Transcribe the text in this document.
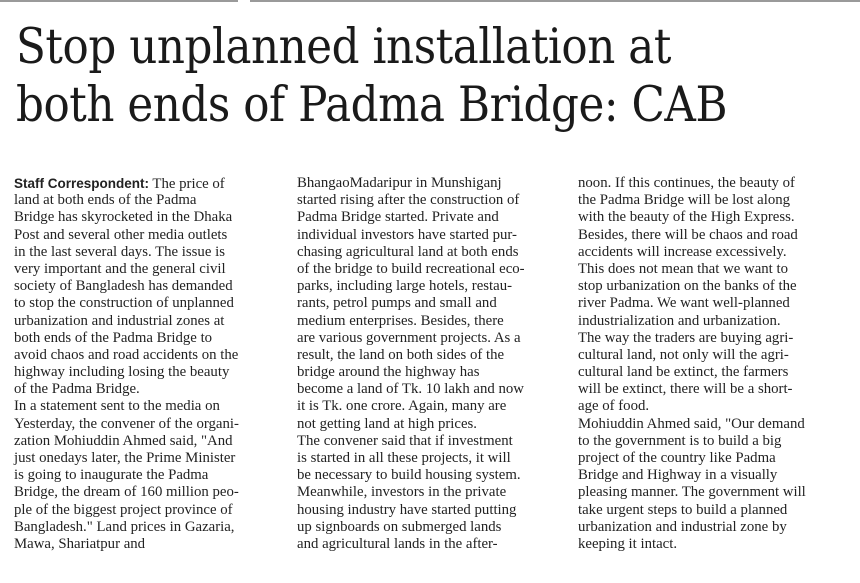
Stop unplanned installation at
both ends of Padma Bridge: CAB
Staff Correspondent: The price of
land at both ends of the Padma
Bridge has skyrocketed in the Dhaka
Post and several other media outlets
in the last several days. The issue is
very important and the general civil
society of Bangladesh has demanded
to stop the construction of unplanned
urbanization and industrial zones at
both ends of the Padma Bridge to
avoid chaos and road accidents on the
highway including losing the beauty
of the Padma Bridge.
In a statement sent to the media on
Yesterday, the convener of the organi-
zation Mohiuddin Ahmed said, "And
just onedays later, the Prime Minister
is going to inaugurate the Padma
Bridge, the dream of 160 million peo-
ple of the biggest project province of
Bangladesh." Land prices in Gazaria,
Mawa, Shariatpur and
BhangaoMadaripur in Munshiganj
started rising after the construction of
Padma Bridge started. Private and
individual investors have started pur-
chasing agricultural land at both ends
of the bridge to build recreational eco-
parks, including large hotels, restau-
rants, petrol pumps and small and
medium enterprises. Besides, there
are various government projects. As a
result, the land on both sides of the
bridge around the highway has
become a land of Tk. 10 lakh and now
it is Tk. one crore. Again, many are
not getting land at high prices.
The convener said that if investment
is started in all these projects, it will
be necessary to build housing system.
Meanwhile, investors in the private
housing industry have started putting
up signboards on submerged lands
and agricultural lands in the after-
noon. If this continues, the beauty of
the Padma Bridge will be lost along
with the beauty of the High Express.
Besides, there will be chaos and road
accidents will increase excessively.
This does not mean that we want to
stop urbanization on the banks of the
river Padma. We want well-planned
industrialization and urbanization.
The way the traders are buying agri-
cultural land, not only will the agri-
cultural land be extinct, the farmers
will be extinct, there will be a short-
age of food.
Mohiuddin Ahmed said, "Our demand
to the government is to build a big
project of the country like Padma
Bridge and Highway in a visually
pleasing manner. The government will
take urgent steps to build a planned
urbanization and industrial zone by
keeping it intact.
